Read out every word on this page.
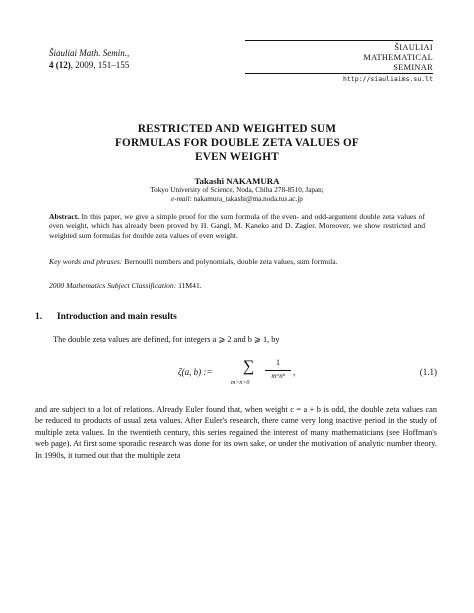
Šiauliai Math. Semin.,
4 (12), 2009, 151–155
ŠIAULIAI
MATHEMATICAL
SEMINAR
http://siauliaims.su.lt
RESTRICTED AND WEIGHTED SUM
FORMULAS FOR DOUBLE ZETA VALUES OF
EVEN WEIGHT
Takashi NAKAMURA
Tokyo University of Science, Noda, Chiba 278-8510, Japan;
e-mail: nakamura_takashi@ma.noda.tus.ac.jp
Abstract. In this paper, we give a simple proof for the sum formula of the even- and odd-argument double zeta values of even weight, which has already been proved by H. Gangl, M. Kaneko and D. Zagier. Moreover, we show restricted and weighted sum formulas for double zeta values of even weight.
Key words and phrases: Bernoulli numbers and polynomials, double zeta values, sum formula.
2000 Mathematics Subject Classification: 11M41.
1. Introduction and main results
The double zeta values are defined, for integers a ⩾ 2 and b ⩾ 1, by
ζ(a, b) := ∑
m>n>0
1
mᵃnᵇ ,	(1.1)
and are subject to a lot of relations. Already Euler found that, when weight c = a + b is odd, the double zeta values can be reduced to products of usual zeta values. After Euler's research, there came very long inactive period in the study of multiple zeta values. In the twentieth century, this series regained the interest of many mathematicians (see Hoffman's web page). At first some sporadic research was done for its own sake, or under the motivation of analytic number theory. In 1990s, it turned out that the multiple zeta
